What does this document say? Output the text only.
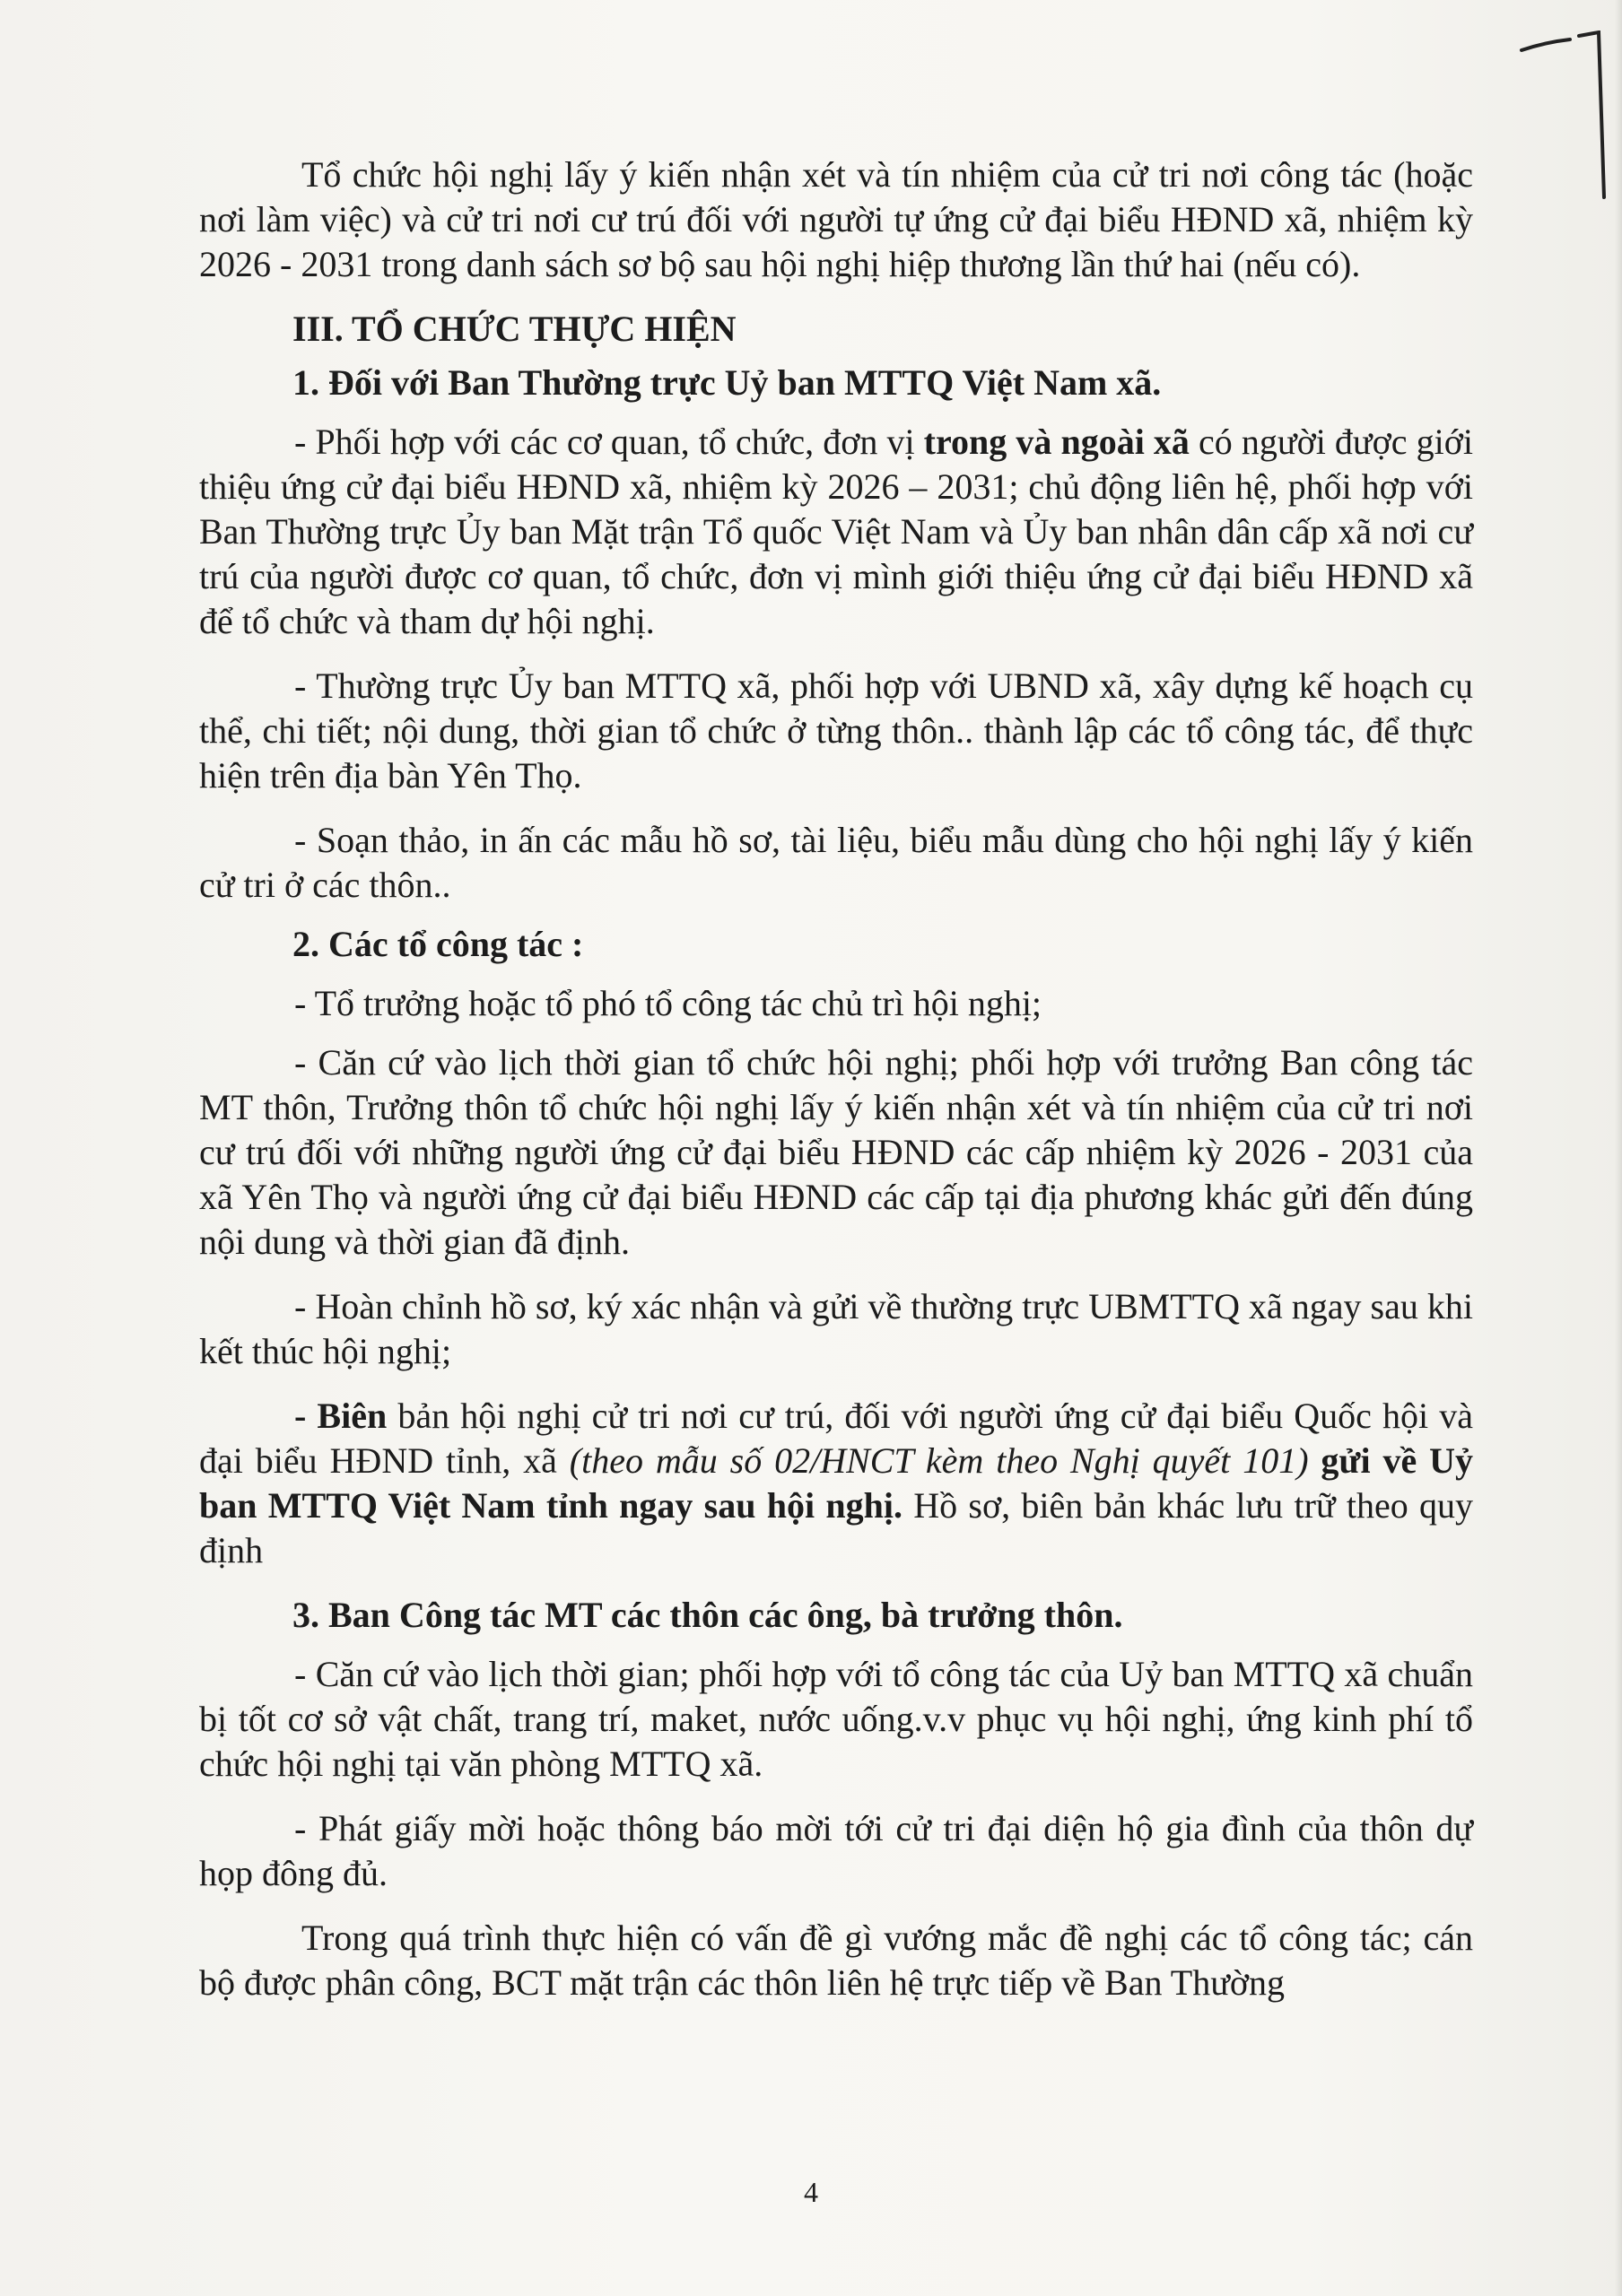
Tổ chức hội nghị lấy ý kiến nhận xét và tín nhiệm của cử tri nơi công tác (hoặc nơi làm việc) và cử tri nơi cư trú đối với người tự ứng cử đại biểu HĐND xã, nhiệm kỳ 2026 - 2031 trong danh sách sơ bộ sau hội nghị hiệp thương lần thứ hai (nếu có).

III. TỔ CHỨC THỰC HIỆN

1. Đối với Ban Thường trực Uỷ ban MTTQ Việt Nam xã.

- Phối hợp với các cơ quan, tổ chức, đơn vị trong và ngoài xã có người được giới thiệu ứng cử đại biểu HĐND xã, nhiệm kỳ 2026 – 2031; chủ động liên hệ, phối hợp với Ban Thường trực Ủy ban Mặt trận Tổ quốc Việt Nam và Ủy ban nhân dân cấp xã nơi cư trú của người được cơ quan, tổ chức, đơn vị mình giới thiệu ứng cử đại biểu HĐND xã để tổ chức và tham dự hội nghị.

- Thường trực Ủy ban MTTQ xã, phối hợp với UBND xã, xây dựng kế hoạch cụ thể, chi tiết; nội dung, thời gian tổ chức ở từng thôn.. thành lập các tổ công tác, để thực hiện trên địa bàn Yên Thọ.

- Soạn thảo, in ấn các mẫu hồ sơ, tài liệu, biểu mẫu dùng cho hội nghị lấy ý kiến cử tri ở các thôn..

2. Các tổ công tác :

- Tổ trưởng hoặc tổ phó tổ công tác chủ trì hội nghị;

- Căn cứ vào lịch thời gian tổ chức hội nghị; phối hợp với trưởng Ban công tác MT thôn, Trưởng thôn tổ chức hội nghị lấy ý kiến nhận xét và tín nhiệm của cử tri nơi cư trú đối với những người ứng cử đại biểu HĐND các cấp nhiệm kỳ 2026 - 2031 của xã Yên Thọ và người ứng cử đại biểu HĐND các cấp tại địa phương khác gửi đến đúng nội dung và thời gian đã định.

- Hoàn chỉnh hồ sơ, ký xác nhận và gửi về thường trực UBMTTQ xã ngay sau khi kết thúc hội nghị;

- Biên bản hội nghị cử tri nơi cư trú, đối với người ứng cử đại biểu Quốc hội và đại biểu HĐND tỉnh, xã (theo mẫu số 02/HNCT kèm theo Nghị quyết 101) gửi về Uỷ ban MTTQ Việt Nam tỉnh ngay sau hội nghị. Hồ sơ, biên bản khác lưu trữ theo quy định

3. Ban Công tác MT các thôn các ông, bà trưởng thôn.

- Căn cứ vào lịch thời gian; phối hợp với tổ công tác của Uỷ ban MTTQ xã chuẩn bị tốt cơ sở vật chất, trang trí, maket, nước uống.v.v phục vụ hội nghị, ứng kinh phí tổ chức hội nghị tại văn phòng MTTQ xã.

- Phát giấy mời hoặc thông báo mời tới cử tri đại diện hộ gia đình của thôn dự họp đông đủ.

Trong quá trình thực hiện có vấn đề gì vướng mắc đề nghị các tổ công tác; cán bộ được phân công, BCT mặt trận các thôn liên hệ trực tiếp về Ban Thường

4
